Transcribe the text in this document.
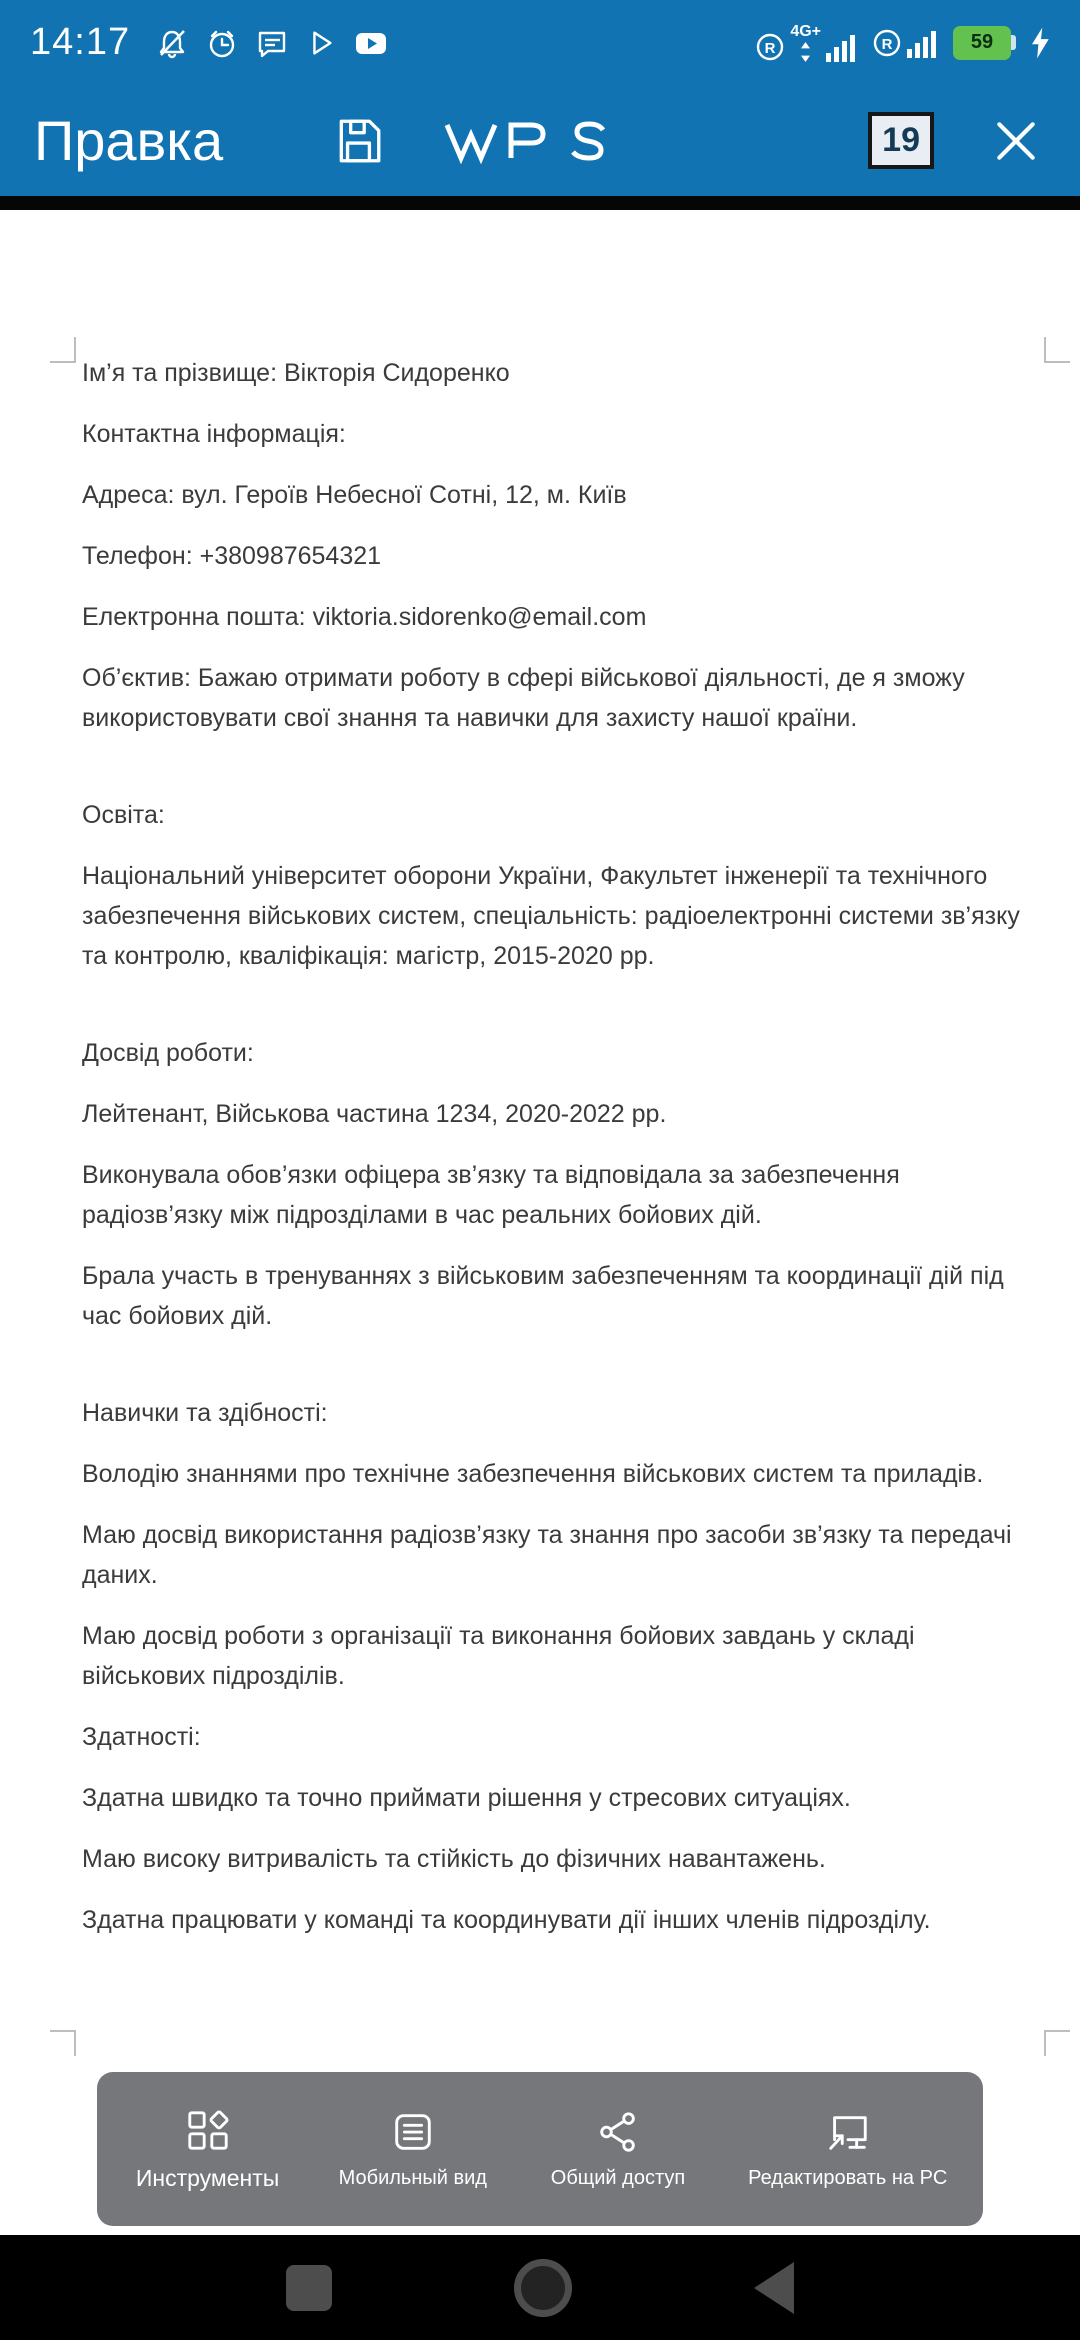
14:17	R
4G+
R	59
Правка	19

Ім’я та прізвище: Вікторія Сидоренко

Контактна інформація:

Адреса: вул. Героїв Небесної Сотні, 12, м. Київ

Телефон: +380987654321

Електронна пошта: viktoria.sidorenko@email.com

Об’єктив: Бажаю отримати роботу в сфері військової діяльності, де я зможу використовувати свої знання та навички для захисту нашої країни.

Освіта:

Національний університет оборони України, Факультет інженерії та технічного забезпечення військових систем, спеціальність: радіоелектронні системи зв’язку та контролю, кваліфікація: магістр, 2015-2020 рр.

Досвід роботи:

Лейтенант, Військова частина 1234, 2020-2022 рр.

Виконувала обов’язки офіцера зв’язку та відповідала за забезпечення радіозв’язку між підрозділами в час реальних бойових дій.

Брала участь в тренуваннях з військовим забезпеченням та координації дій під час бойових дій.

Навички та здібності:

Володію знаннями про технічне забезпечення військових систем та приладів.

Маю досвід використання радіозв’язку та знання про засоби зв’язку та передачі даних.

Маю досвід роботи з організації та виконання бойових завдань у складі військових підрозділів.

Здатності:

Здатна швидко та точно приймати рішення у стресових ситуаціях.

Маю високу витривалість та стійкість до фізичних навантажень.

Здатна працювати у команді та координувати дії інших членів підрозділу.

Инструменты	Мобильный вид	Общий доступ	Редактировать на PC
